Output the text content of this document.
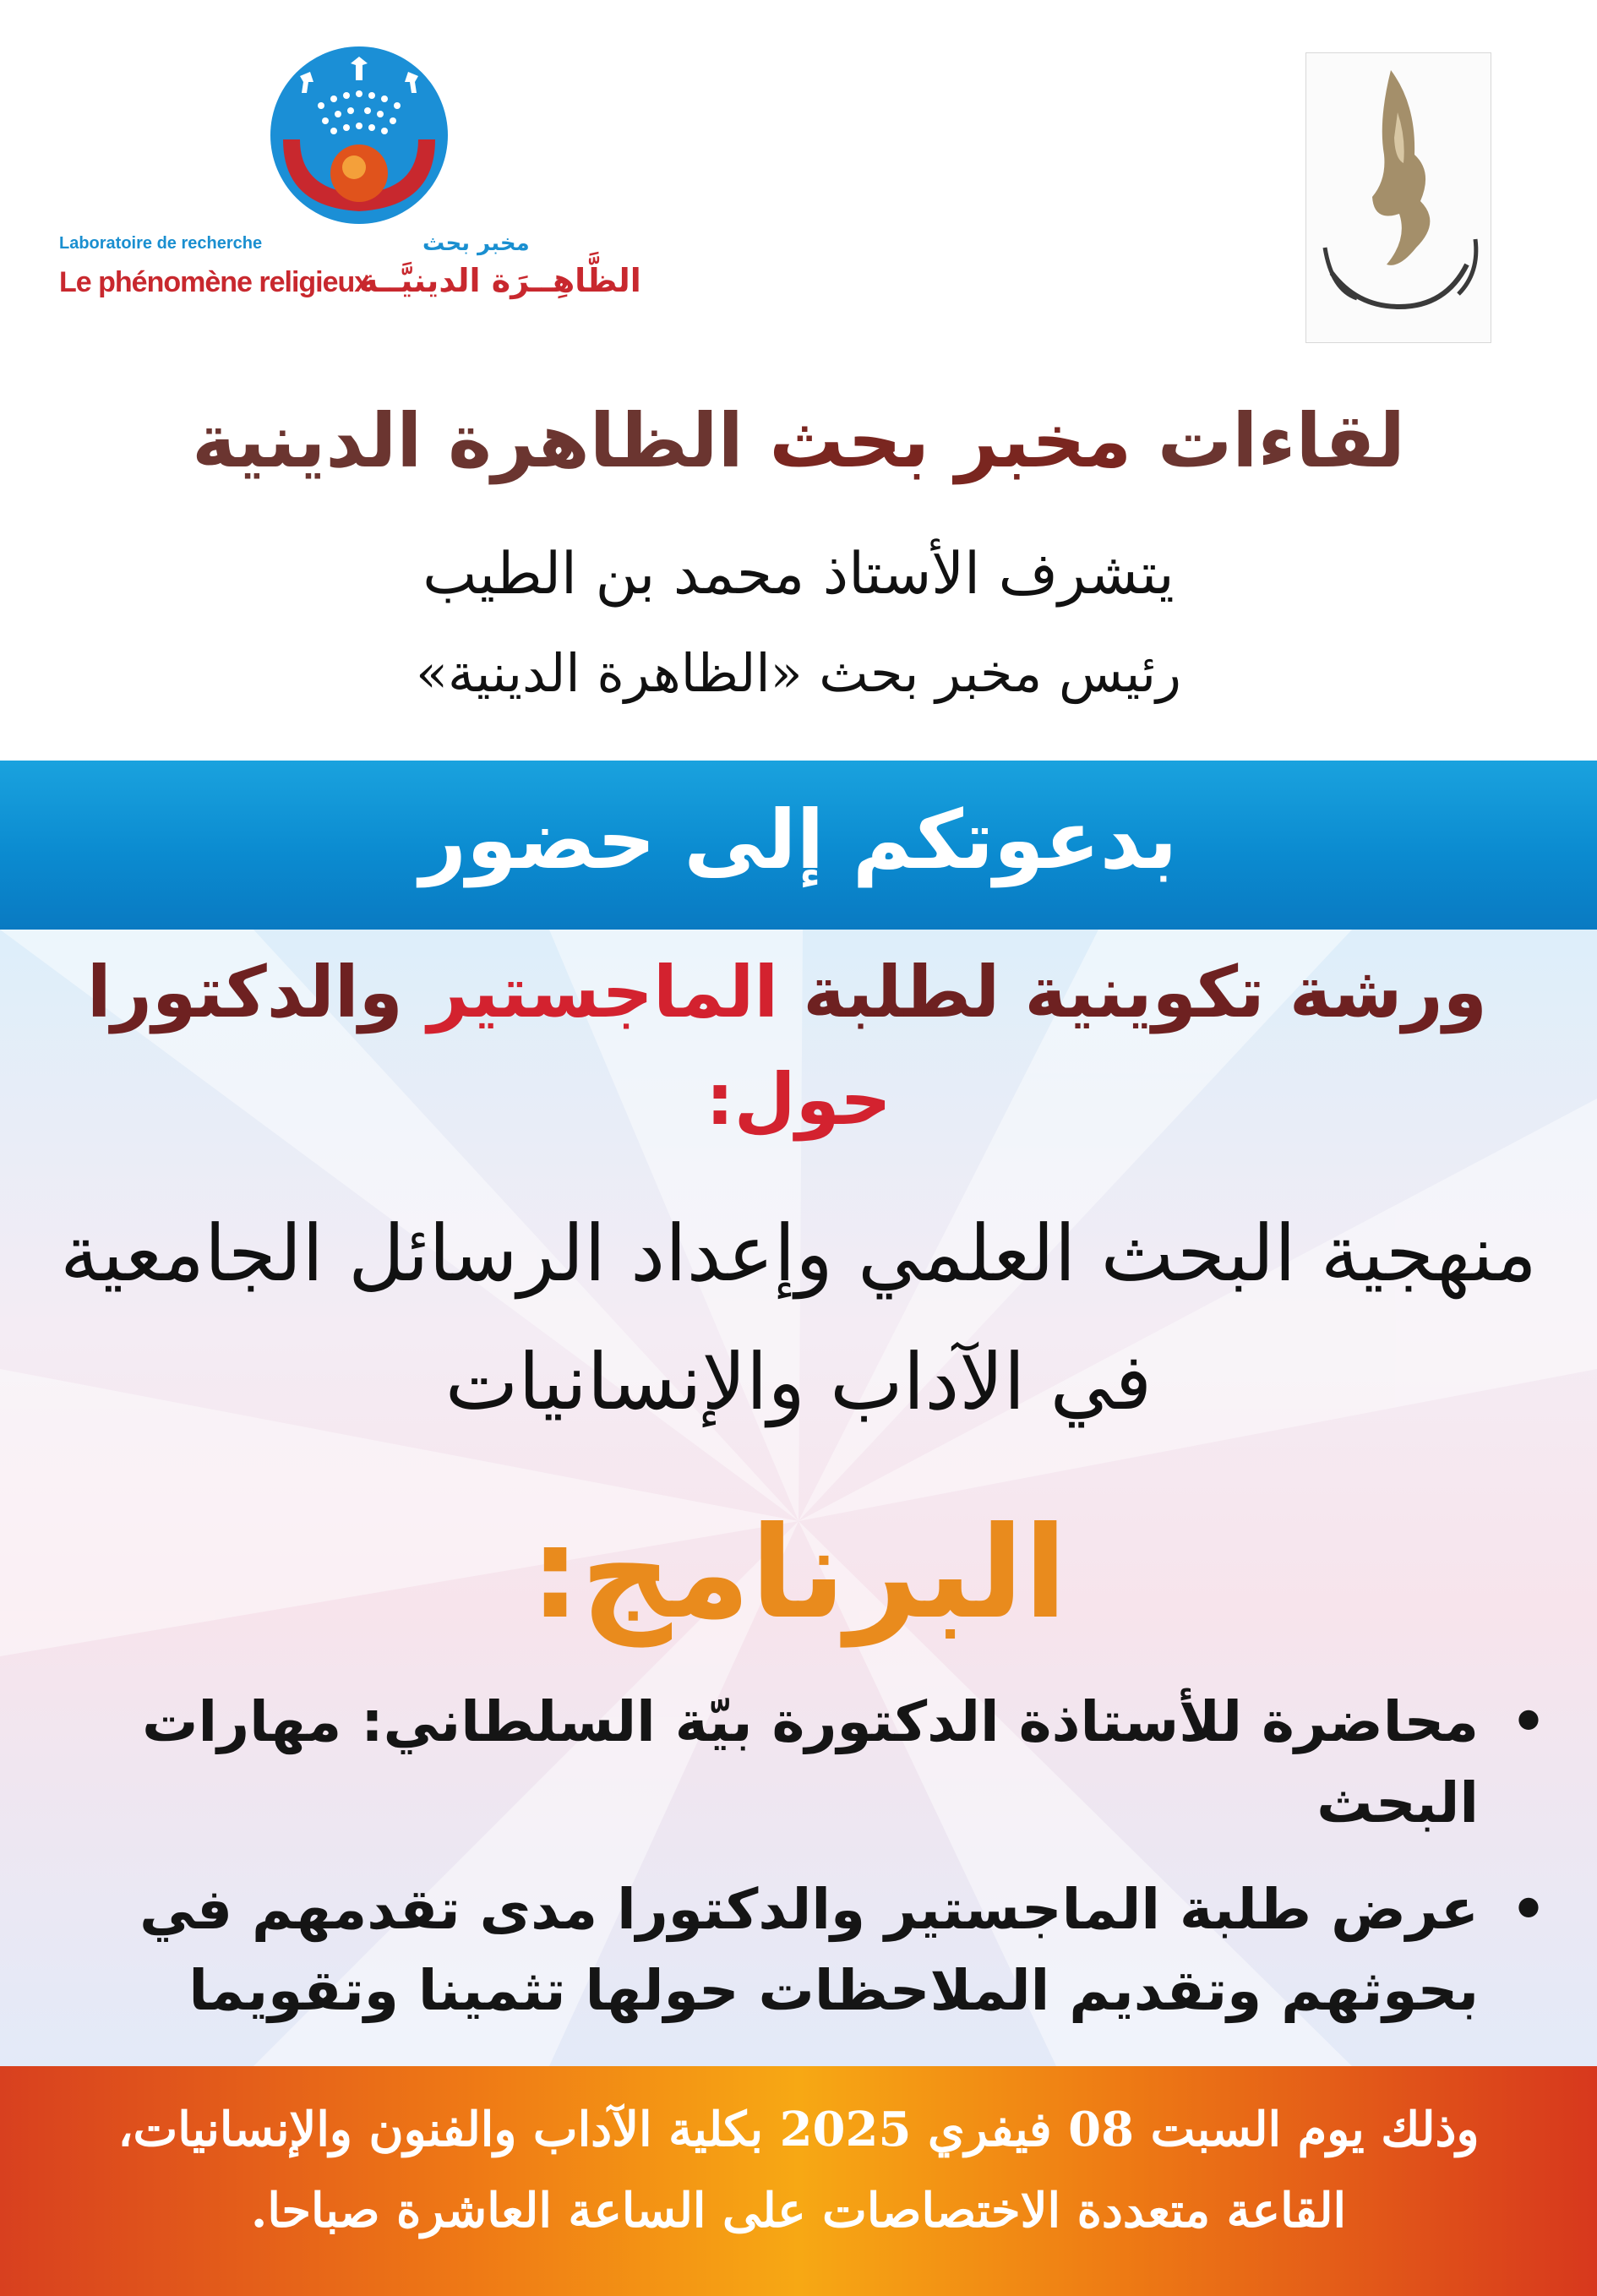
Laboratoire de recherche	مخبر بحث
Le phénomène religieux
الظَّاهِــرَة الدينيَّــة
لقاءات مخبر بحث الظاهرة الدينية
يتشرف الأستاذ محمد بن الطيب
رئيس مخبر بحث «الظاهرة الدينية»
بدعوتكم إلى حضور
ورشة تكوينية لطلبة الماجستير والدكتورا
حول:
منهجية البحث العلمي وإعداد الرسائل الجامعية
في الآداب والإنسانيات
البرنامج:
•
محاضرة للأستاذة الدكتورة بيّة السلطاني: مهارات البحث
•
عرض طلبة الماجستير والدكتورا مدى تقدمهم في بحوثهم وتقديم الملاحظات حولها تثمينا وتقويما
وذلك يوم السبت 08 فيفري 2025 بكلية الآداب والفنون والإنسانيات،
القاعة متعددة الاختصاصات على الساعة العاشرة صباحا.
